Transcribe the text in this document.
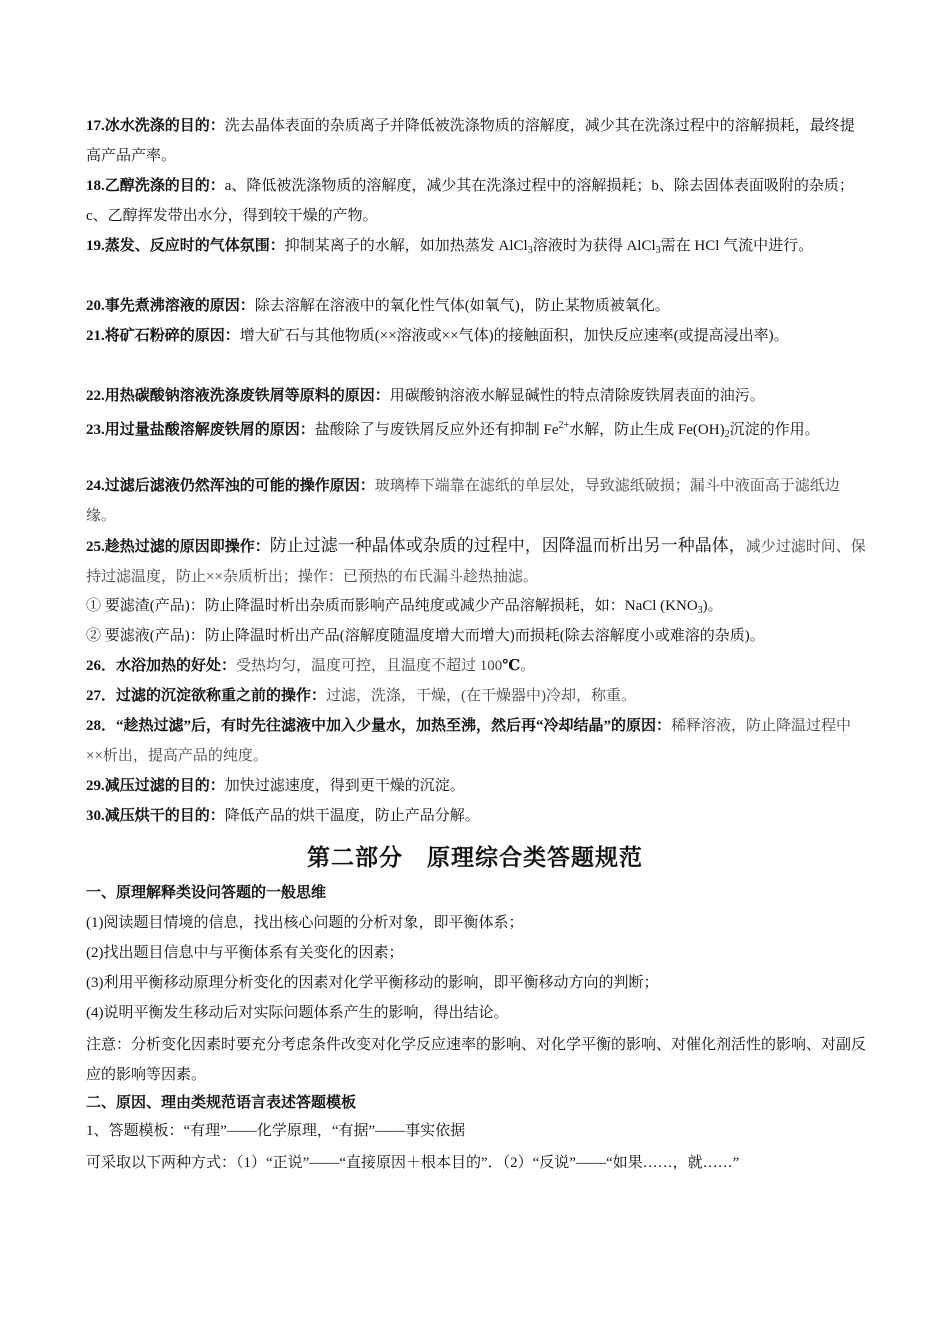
17.冰水洗涤的目的：洗去晶体表面的杂质离子并降低被洗涤物质的溶解度，减少其在洗涤过程中的溶解损耗，最终提高产品产率。
18.乙醇洗涤的目的：a、降低被洗涤物质的溶解度，减少其在洗涤过程中的溶解损耗；b、除去固体表面吸附的杂质；c、乙醇挥发带出水分，得到较干燥的产物。
19.蒸发、反应时的气体氛围：抑制某离子的水解，如加热蒸发 AlCl$_3$溶液时为获得 AlCl$_3$需在 HCl 气流中进行。
20.事先煮沸溶液的原因：除去溶解在溶液中的氧化性气体(如氧气)，防止某物质被氧化。
21.将矿石粉碎的原因：增大矿石与其他物质(××溶液或××气体)的接触面积，加快反应速率(或提高浸出率)。
22.用热碳酸钠溶液洗涤废铁屑等原料的原因：用碳酸钠溶液水解显碱性的特点清除废铁屑表面的油污。
23.用过量盐酸溶解废铁屑的原因：盐酸除了与废铁屑反应外还有抑制 $Fe^{2+}$水解，防止生成 $Fe(OH)_2$沉淀的作用。
24.过滤后滤液仍然浑浊的可能的操作原因：玻璃棒下端靠在滤纸的单层处，导致滤纸破损；漏斗中液面高于滤纸边缘。
25.趁热过滤的原因即操作：防止过滤一种晶体或杂质的过程中，因降温而析出另一种晶体，减少过滤时间、保持过滤温度，防止××杂质析出；操作：已预热的布氏漏斗趁热抽滤。
① 要滤渣(产品)：防止降温时析出杂质而影响产品纯度或减少产品溶解损耗，如：NaCl $(KNO_3)$。
② 要滤液(产品)：防止降温时析出产品(溶解度随温度增大而增大)而损耗(除去溶解度小或难溶的杂质)。
26．水浴加热的好处：受热均匀，温度可控，且温度不超过 100℃。
27．过滤的沉淀欲称重之前的操作：过滤，洗涤，干燥，(在干燥器中)冷却，称重。
28．“趁热过滤”后，有时先往滤液中加入少量水，加热至沸，然后再“冷却结晶”的原因：稀释溶液，防止降温过程中××析出，提高产品的纯度。
29.减压过滤的目的：加快过滤速度，得到更干燥的沉淀。
30.减压烘干的目的：降低产品的烘干温度，防止产品分解。
第二部分　原理综合类答题规范
一、原理解释类设问答题的一般思维
(1)阅读题目情境的信息，找出核心问题的分析对象，即平衡体系；
(2)找出题目信息中与平衡体系有关变化的因素；
(3)利用平衡移动原理分析变化的因素对化学平衡移动的影响，即平衡移动方向的判断；
(4)说明平衡发生移动后对实际问题体系产生的影响，得出结论。
注意：分析变化因素时要充分考虑条件改变对化学反应速率的影响、对化学平衡的影响、对催化剂活性的影响、对副反应的影响等因素。
二、原因、理由类规范语言表述答题模板
1、答题模板：“有理”——化学原理，“有据”——事实依据
可采取以下两种方式：（1）“正说”——“直接原因＋根本目的”．（2）“反说”——“如果……，就……”
